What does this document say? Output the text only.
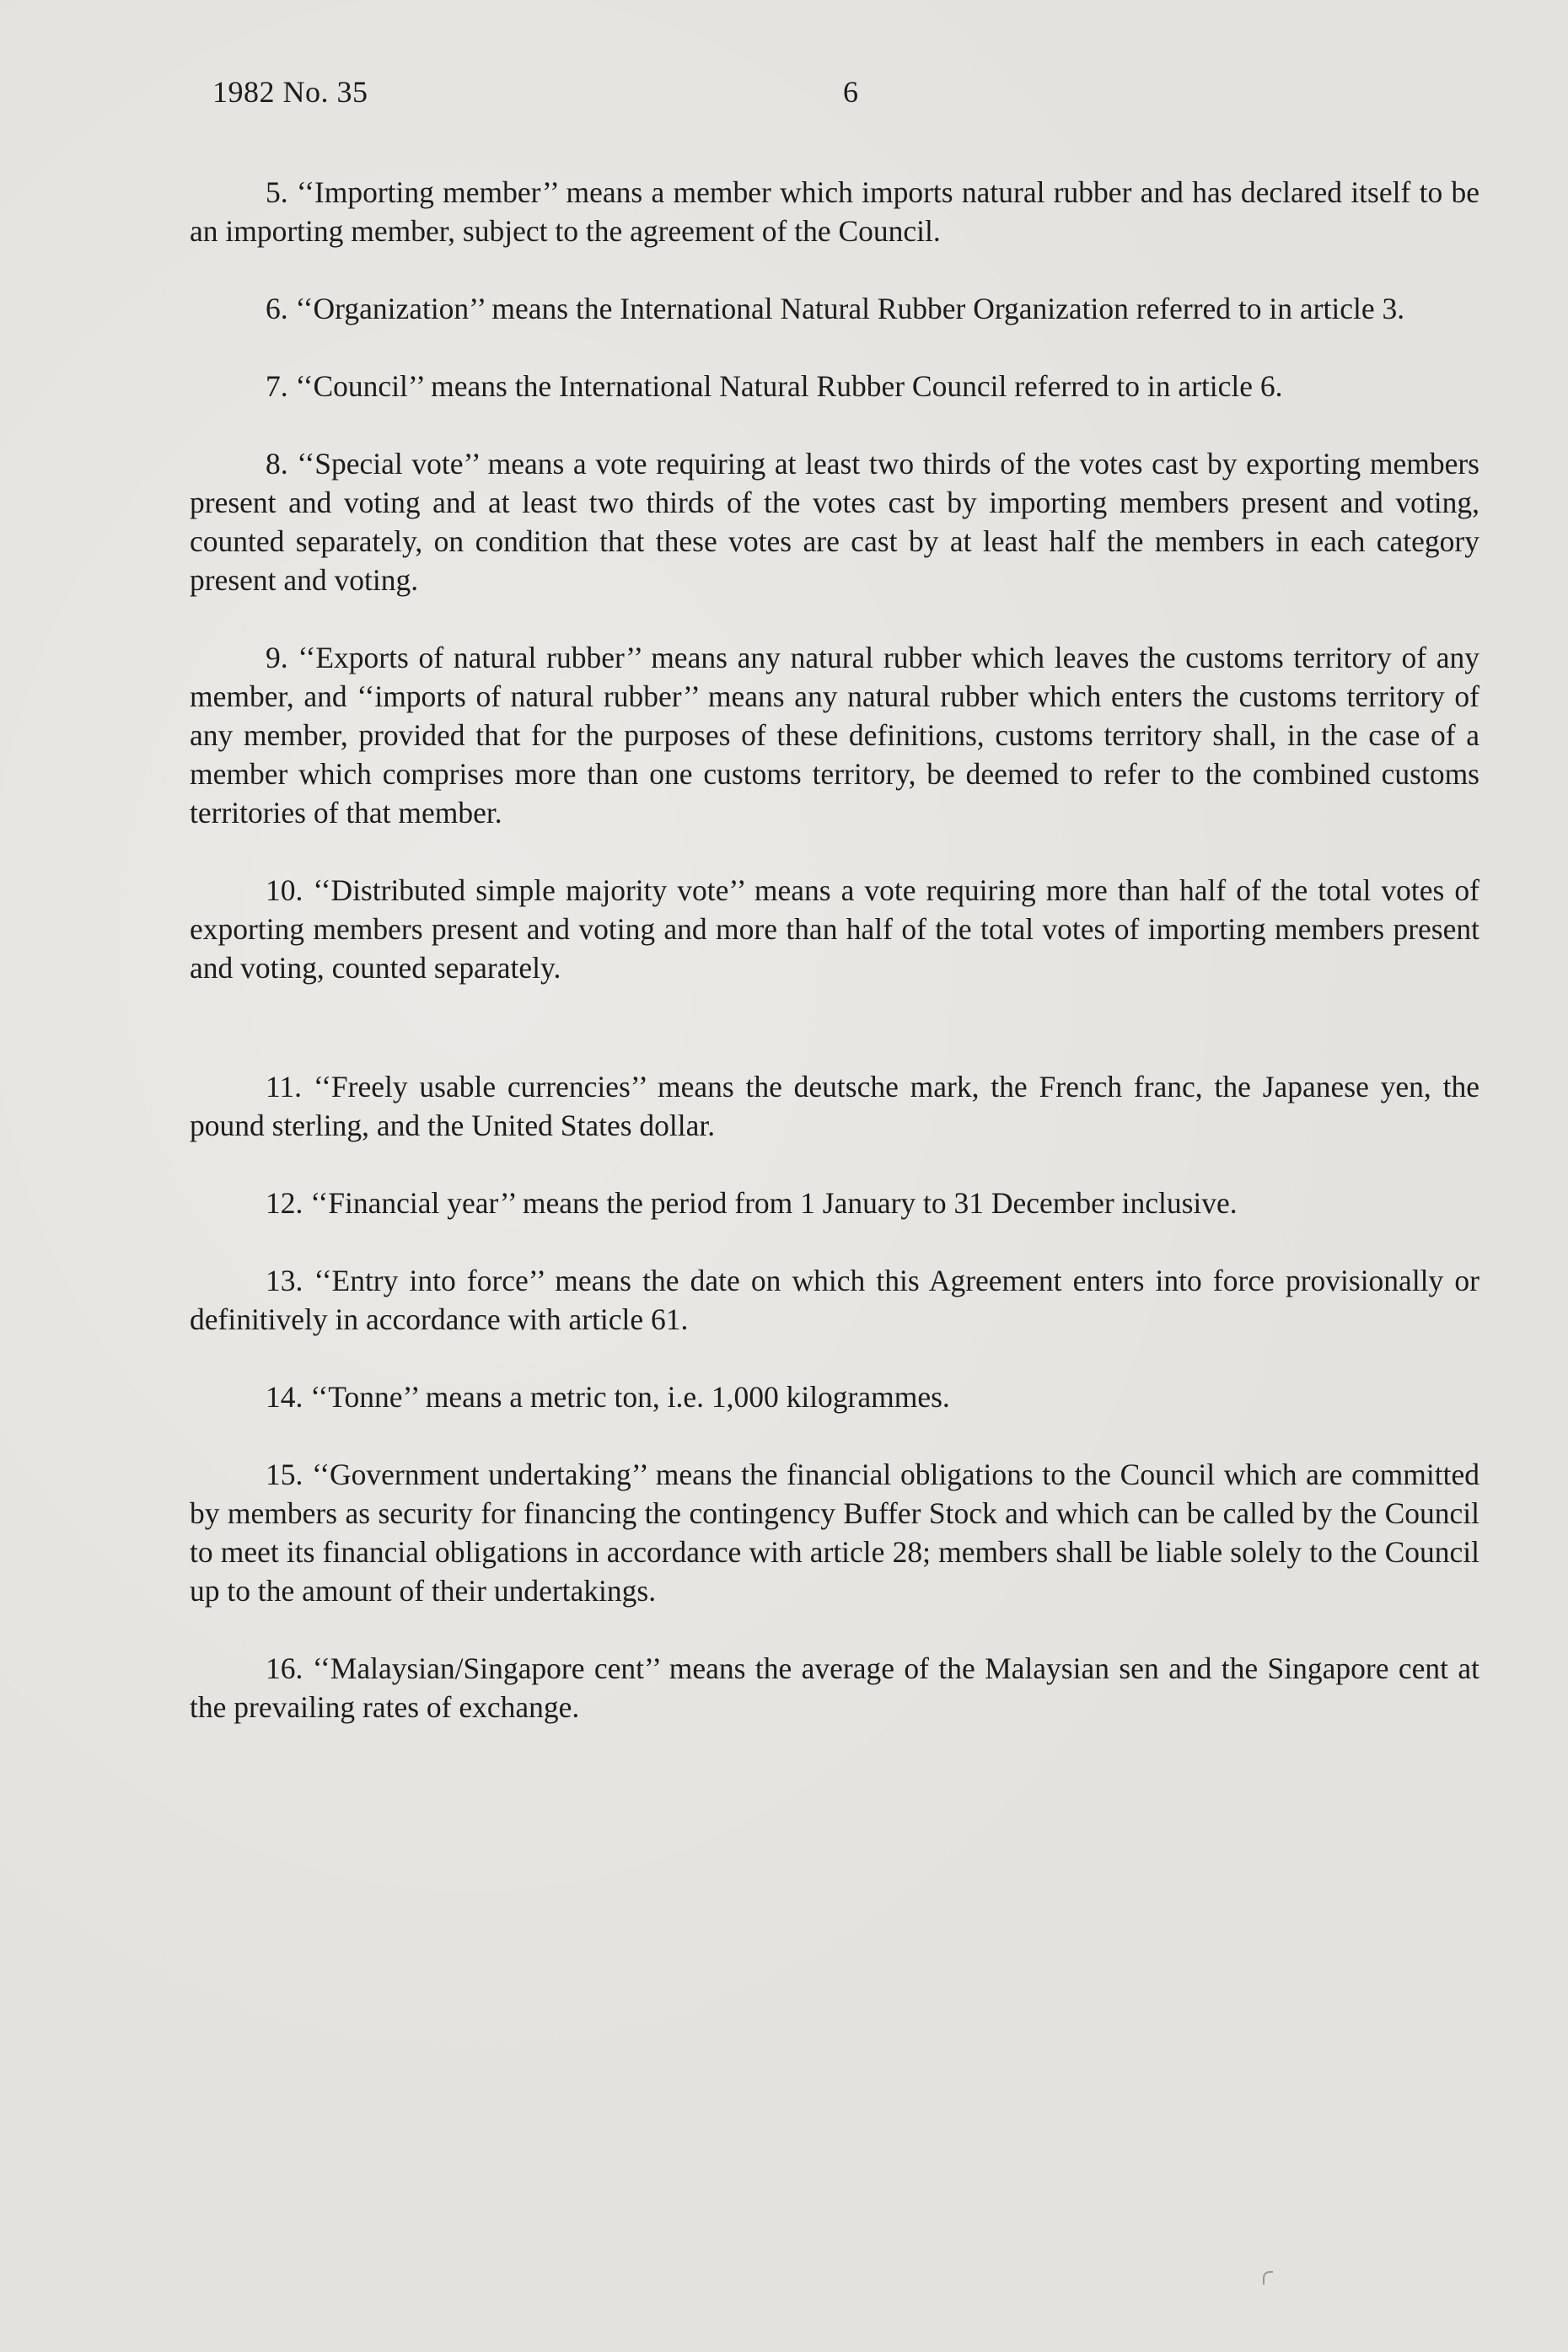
1982 No. 35	6

5. ‘‘Importing member’’ means a member which imports natural rubber and has declared itself to be an importing member, subject to the agreement of the Council.

6. ‘‘Organization’’ means the International Natural Rubber Organization referred to in article 3.

7. ‘‘Council’’ means the International Natural Rubber Council referred to in article 6.

8. ‘‘Special vote’’ means a vote requiring at least two thirds of the votes cast by exporting members present and voting and at least two thirds of the votes cast by importing members present and voting, counted separately, on condition that these votes are cast by at least half the members in each category present and voting.

9. ‘‘Exports of natural rubber’’ means any natural rubber which leaves the customs territory of any member, and ‘‘imports of natural rubber’’ means any natural rubber which enters the customs territory of any member, provided that for the purposes of these definitions, customs territory shall, in the case of a member which comprises more than one customs territory, be deemed to refer to the combined customs territories of that member.

10. ‘‘Distributed simple majority vote’’ means a vote requiring more than half of the total votes of exporting members present and voting and more than half of the total votes of importing members present and voting, counted separately.

11. ‘‘Freely usable currencies’’ means the deutsche mark, the French franc, the Japanese yen, the pound sterling, and the United States dollar.

12. ‘‘Financial year’’ means the period from 1 January to 31 December inclusive.

13. ‘‘Entry into force’’ means the date on which this Agreement enters into force provisionally or definitively in accordance with article 61.

14. ‘‘Tonne’’ means a metric ton, i.e. 1,000 kilogrammes.

15. ‘‘Government undertaking’’ means the financial obligations to the Council which are committed by members as security for financing the contingency Buffer Stock and which can be called by the Council to meet its financial obligations in accordance with article 28; members shall be liable solely to the Council up to the amount of their undertakings.

16. ‘‘Malaysian/Singapore cent’’ means the average of the Malaysian sen and the Singapore cent at the prevailing rates of exchange.
